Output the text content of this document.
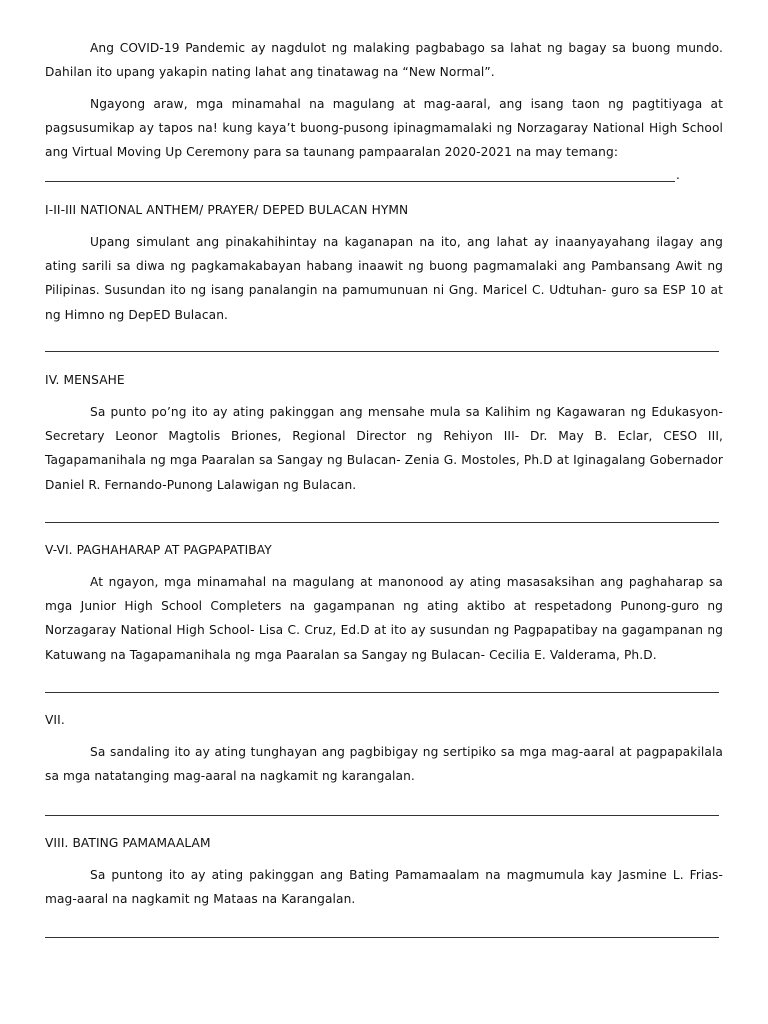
Ang COVID-19 Pandemic ay nagdulot ng malaking pagbabago sa lahat ng bagay sa buong mundo. Dahilan ito upang yakapin nating lahat ang tinatawag na “New Normal”.

Ngayong araw, mga minamahal na magulang at mag-aaral, ang isang taon ng pagtitiyaga at pagsusumikap ay tapos na! kung kaya’t buong-pusong ipinagmamalaki ng Norzagaray National High School ang Virtual Moving Up Ceremony para sa taunang pampaaralan 2020-2021 na may temang:

.
I-II-III NATIONAL ANTHEM/ PRAYER/ DEPED BULACAN HYMN

Upang simulant ang pinakahihintay na kaganapan na ito, ang lahat ay inaanyayahang ilagay ang ating sarili sa diwa ng pagkamakabayan habang inaawit ng buong pagmamalaki ang Pambansang Awit ng Pilipinas. Susundan ito ng isang panalangin na pamumunuan ni Gng. Maricel C. Udtuhan- guro sa ESP 10 at ng Himno ng DepED Bulacan.

IV. MENSAHE

Sa punto po’ng ito ay ating pakinggan ang mensahe mula sa Kalihim ng Kagawaran ng Edukasyon- Secretary Leonor Magtolis Briones, Regional Director ng Rehiyon III- Dr. May B. Eclar, CESO III, Tagapamanihala ng mga Paaralan sa Sangay ng Bulacan- Zenia G. Mostoles, Ph.D at Iginagalang Gobernador Daniel R. Fernando-Punong Lalawigan ng Bulacan.

V-VI. PAGHAHARAP AT PAGPAPATIBAY

At ngayon, mga minamahal na magulang at manonood ay ating masasaksihan ang paghaharap sa mga Junior High School Completers na gagampanan ng ating aktibo at respetadong Punong-guro ng Norzagaray National High School- Lisa C. Cruz, Ed.D at ito ay susundan ng Pagpapatibay na gagampanan ng Katuwang na Tagapamanihala ng mga Paaralan sa Sangay ng Bulacan- Cecilia E. Valderama, Ph.D.

VII.

Sa sandaling ito ay ating tunghayan ang pagbibigay ng sertipiko sa mga mag-aaral at pagpapakilala sa mga natatanging mag-aaral na nagkamit ng karangalan.

VIII. BATING PAMAMAALAM

Sa puntong ito ay ating pakinggan ang Bating Pamamaalam na magmumula kay Jasmine L. Frias- mag-aaral na nagkamit ng Mataas na Karangalan.
